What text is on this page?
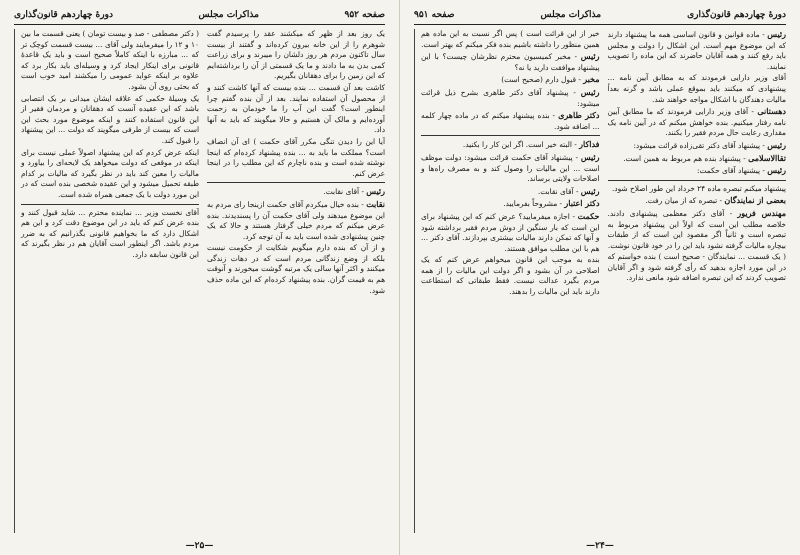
صفحه ۹۵۲
مذاکرات مجلس
دورهٔ چهاردهم قانون‌گذاری

یک روز بعد از ظهر که میکشند عقد را پرسیدم گفت شوهرم را از این خانه بیرون کرده‌اند و گفتند از بیست سال تاکنون مردم هر روز دلشان را میبرند و برای زراعت کمی بدن به ما دادند و ما یک قسمتی از آن را برداشته‌ایم که این زمین را برای دهقانان بگیریم.

کاشت بعد آن قسمت ... بنده بیست که آنها کاشت کنند و از محصول آن استفاده نمایند. بعد از آن بنده گفتم چرا اینطور است؟ گفت این آب را ما خودمان به زحمت آورده‌ایم و مالک آن هستیم و حالا میگویند که باید به آنها داد.

آیا این را دیدن تنگی مکرر آقای حکمت ) ای آن انصاف است؟ مملکت ما باید به ... بنده پیشنهاد کرده‌ام که اینجا نوشته شده است و بنده ناچارم که این مطلب را در اینجا عرض کنم.

رئیس - آقای نقابت.

نقابت - بنده خیال میکردم آقای حکمت ازینجا رای مردم به این موضوع میدهند ولی آقای حکمت آن را پسندیدند. بنده عرض میکنم که مردم خیلی گرفتار هستند و حالا که یک چنین پیشنهادی شده است باید به آن توجه کرد.

و از آن که بنده دارم میگویم شکایت از حکومت نیست بلکه از وضع زندگانی مردم است که در دهات زندگی میکنند و اکثر آنها سالی یک مرتبه گوشت میخورند و آنوقت هم به قیمت گران. بنده پیشنهاد کرده‌ام که این ماده حذف شود.

( دکتر مصطفی - صد و بیست تومان ) یعنی قسمت ما بین ۱۰ و ۱۲ را میفرمایند ولی آقای ... بیست قسمت کوچک تر که ... مبارزه با اینکه کاملاً صحیح است و باید یک قاعدهٔ قانونی برای اینکار ایجاد کرد و وسیله‌ای باید بکار برد که علاوه بر اینکه عواید عمومی را میکشند امید خوب است که بحثی روی آن بشود.

یک وسیلهٔ حکمی که علاقه ایشان میدانی بر یک انتصابی باشد که این عقیده آنست که دهقانان و مردمان فقیر از این قانون استفاده کنند و اینکه موضوع مورد بحث این است که بیست از طرفی میگویند که دولت ... این پیشنهاد را قبول کند.

اینکه عرض کردم که این پیشنهاد اصولاً عملی نیست برای اینکه در موقعی که دولت میخواهد یک لایحه‌ای را بیاورد و مالیات را معین کند باید در نظر بگیرد که مالیات بر کدام طبقه تحمیل میشود و این عقیده شخصی بنده است که در این مورد دولت با یک جمعی همراه شده است.

آقای نخست وزیر ... نماینده محترم ... شاید قبول کنند و بنده عرض کنم که باید در این موضوع دقت کرد و این هم اشکال دارد که ما بخواهیم قانونی بگذرانیم که به ضرر مردم باشد. اگر اینطور است آقایان هم در نظر بگیرند که این قانون سابقه دارد.

—۲۵—
دورهٔ چهاردهم قانون‌گذاری
مذاکرات مجلس
صفحه ۹۵۱

رئیس - ماده قوانین و قانون اساسی همه ما پیشنهاد دارند که این موضوع مهم است. این اشکال را دولت و مجلس باید رفع کنند و همه آقایان حاضرند که این ماده را تصویب نمایند.

آقای وزیر دارایی فرمودند که به مطابق آیین نامه ... پیشنهادی که میکنند باید بموقع عملی باشد و گرنه بعداً مالیات دهندگان با اشکال مواجه خواهند شد.

دهستانی - آقای وزیر دارایی فرمودند که ما مطابق آیین نامه رفتار میکنیم. بنده خواهش میکنم که در آیین نامه یک مقداری رعایت حال مردم فقیر را بکنند.

رئیس - پیشنهاد آقای دکتر تقی‌زاده قرائت میشود:

تقاالاسلامی - پیشنهاد بنده هم مربوط به همین است.

رئیس - پیشنهاد آقای حکمت:

پیشنهاد میکنم تبصره ماده ۲۴ خرداد این طور اصلاح شود.

بعضی از نمایندگان - تبصره که از میان رفت.

مهندس فریور - آقای دکتر معظمی پیشنهادی دادند. خلاصه مطلب این است که اولاً این پیشنهاد مربوط به تبصره است و ثانیاً اگر مقصود این است که از طبقات بیچاره مالیات گرفته نشود باید این را در خود قانون نوشت.

( یک قسمت ... نمایندگان - صحیح است ) بنده خواستم که در این مورد اجازه بدهید که رأی گرفته شود و اگر آقایان تصویب کردند که این تبصره اضافه شود مانعی ندارد.

خیر از این قرائت است ) پس اگر نسبت به این ماده هم همین منظور را داشته باشیم بنده فکر میکنم که بهتر است.

رئیس - مخبر کمیسیون محترم نظرشان چیست؟ با این پیشنهاد موافقت دارید یا نه؟

مخبر - قبول دارم (صحیح است)

رئیس - پیشنهاد آقای دکتر طاهری بشرح ذیل قرائت میشود:

دکتر طاهری - بنده پیشنهاد میکنم که در ماده چهار کلمه ... اضافه شود.

فداکار - البته خیر است. اگر این کار را بکنید.

رئیس - پیشنهاد آقای حکمت قرائت میشود: دولت موظف است ... این مالیات را وصول کند و به مصرف راه‌ها و اصلاحات ولایتی برساند.

رئیس - آقای نقابت.

دکتر اعتبار - مشروحاً بفرمایید.

حکمت - اجازه میفرمایید؟ عرض کنم که این پیشنهاد برای این است که بار سنگین از دوش مردم فقیر برداشته شود و آنها که تمکن دارند مالیات بیشتری بپردازند. آقای دکتر ... هم با این مطلب موافق هستند.

بنده به موجب این قانون میخواهم عرض کنم که یک اصلاحی در آن بشود و اگر دولت این مالیات را از همه مردم بگیرد عدالت نیست. فقط طبقاتی که استطاعت دارند باید این مالیات را بدهند.

—۲۴—
